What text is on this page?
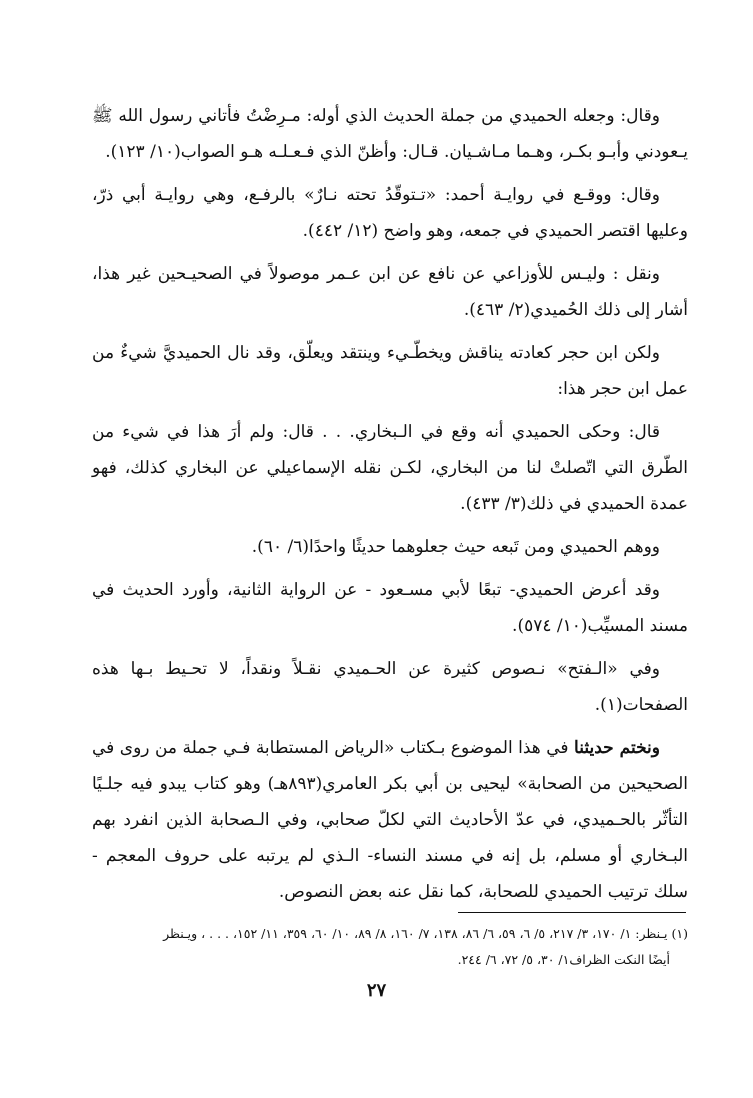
وقال: وجعله الحميدي من جملة الحديث الذي أوله: مـرِضْتُ فأتاني رسول الله ﷺ يـعودني وأبـو بكـر، وهـما مـاشـيان. قـال: وأظنّ الذي فـعـلـه هـو الصواب(١٠/ ١٢٣).

وقال: ووقـع في روايـة أحمد: «تـتوقّدُ تحته نـارٌ» بالرفـع، وهي روايـة أبي ذرّ، وعليها اقتصر الحميدي في جمعه، وهو واضح (١٢/ ٤٤٢).

ونقل : وليـس للأوزاعي عن نافع عن ابن عـمر موصولاً في الصحيـحين غير هذا، أشار إلى ذلك الحُميدي(٢/ ٤٦٣).

ولكن ابن حجر كعادته يناقش ويخطّـيء وينتقد ويعلّق، وقد نال الحميديَّ شيءٌ من عمل ابن حجر هذا:

قال: وحكى الحميدي أنه وقع في الـبخاري. . . قال: ولم أرَ هذا في شيء من الطّرق التي اتّصلتْ لنا من البخاري، لكـن نقله الإسماعيلي عن البخاري كذلك، فهو عمدة الحميدي في ذلك(٣/ ٤٣٣).

ووهم الحميدي ومن تَبعه حيث جعلوهما حديثًا واحدًا(٦/ ٦٠).

وقد أعرض الحميدي- تبعًا لأبي مسـعود - عن الرواية الثانية، وأورد الحديث في مسند المسيِّب(١٠/ ٥٧٤).

وفي «الـفتح» نـصوص كثيرة عن الحـميدي نقـلاً ونقداً، لا تحـيط بـها هذه الصفحات(١).

ونختم حديثنا في هذا الموضوع بـكتاب «الرياض المستطابة فـي جملة من روى في الصحيحين من الصحابة» ليحيى بن أبي بكر العامري(٨٩٣هـ) وهو كتاب يبدو فيه جلـيًا التأثّر بالحـميدي، في عدّ الأحاديث التي لكلّ صحابي، وفي الـصحابة الذين انفرد بهم البـخاري أو مسلم، بل إنه في مسند النساء- الـذي لم يرتبه على حروف المعجم - سلك ترتيب الحميدي للصحابة، كما نقل عنه بعض النصوص.

(١) يـنظر: ١/ ١٧٠، ٣/ ٢١٧، ٥/ ٦، ٥٩، ٦/ ٨٦، ١٣٨، ٧/ ١٦٠، ٨/ ٨٩، ١٠/ ٦٠، ٣٥٩، ١١/ ١٥٢، . . . ، ويـنظر

أيضًا النكت الظراف١/ ٣٠، ٥/ ٧٢، ٦/ ٢٤٤.

٢٧
